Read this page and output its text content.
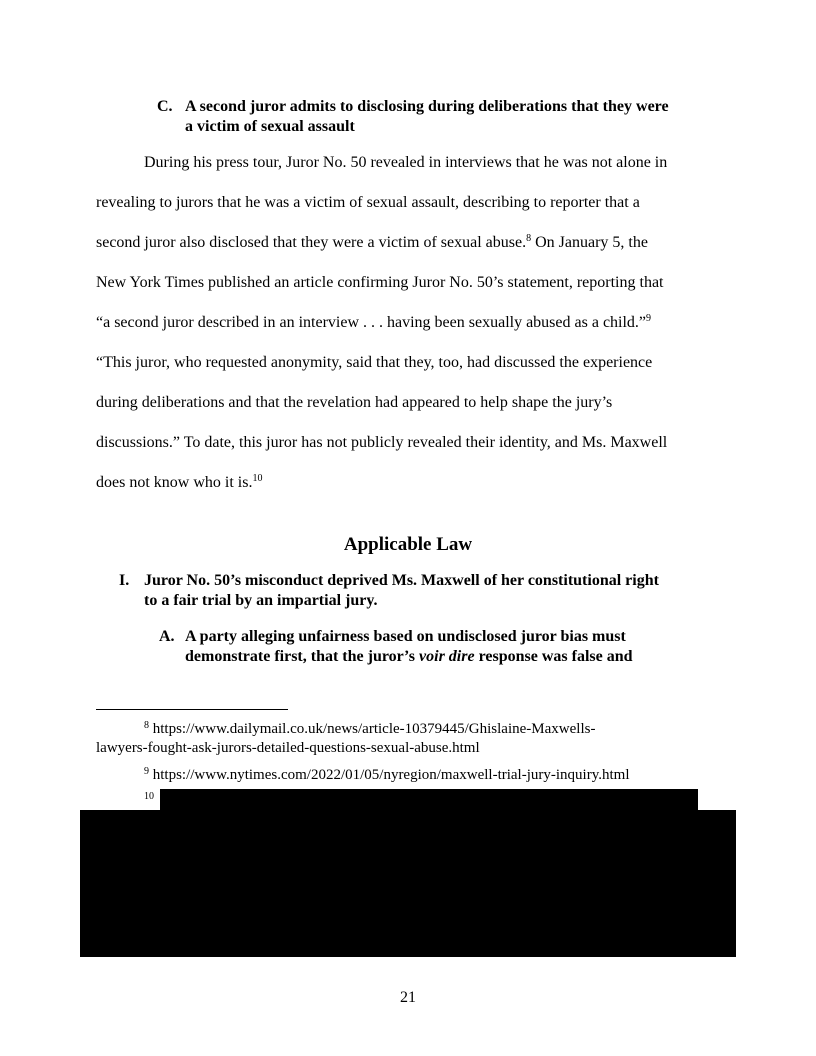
C. A second juror admits to disclosing during deliberations that they were
a victim of sexual assault
During his press tour, Juror No. 50 revealed in interviews that he was not alone in
revealing to jurors that he was a victim of sexual assault, describing to reporter that a
second juror also disclosed that they were a victim of sexual abuse.$^8$ On January 5, the
New York Times published an article confirming Juror No. 50’s statement, reporting that
“a second juror described in an interview . . . having been sexually abused as a child.”$^9$
“This juror, who requested anonymity, said that they, too, had discussed the experience
during deliberations and that the revelation had appeared to help shape the jury’s
discussions.” To date, this juror has not publicly revealed their identity, and Ms. Maxwell
does not know who it is.$^{10}$
Applicable Law
I. Juror No. 50’s misconduct deprived Ms. Maxwell of her constitutional right
to a fair trial by an impartial jury.
A. A party alleging unfairness based on undisclosed juror bias must
demonstrate first, that the juror’s voir dire response was false and
$^8$ https://www.dailymail.co.uk/news/article-10379445/Ghislaine-Maxwells-
lawyers-fought-ask-jurors-detailed-questions-sexual-abuse.html
$^9$ https://www.nytimes.com/2022/01/05/nyregion/maxwell-trial-jury-inquiry.html
10
21
